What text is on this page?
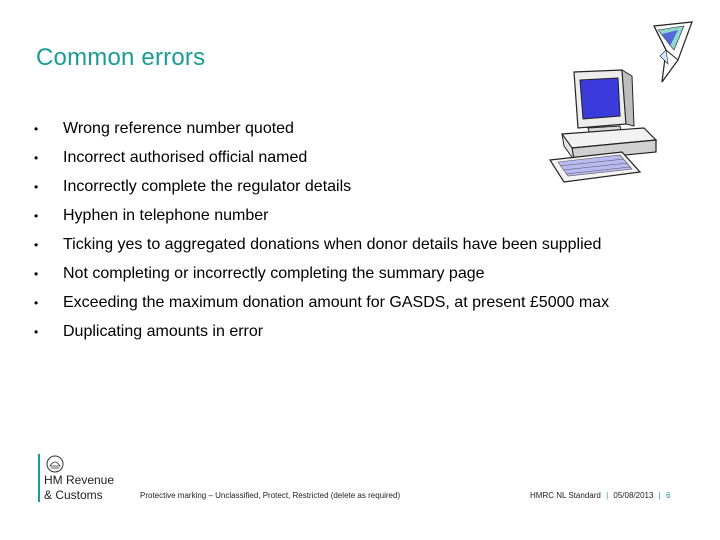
Common errors
•	Wrong reference number quoted
•	Incorrect authorised official named
•	Incorrectly complete the regulator details
•	Hyphen in telephone number
•	Ticking yes to aggregated donations when donor details have been supplied
•	Not completing or incorrectly completing the summary page
•	Exceeding the maximum donation amount for GASDS, at present £5000 max
•	Duplicating amounts in error
HM Revenue
& Customs	Protective marking – Unclassified, Protect, Restricted (delete as required)	HMRC NL Standard | 05/08/2013 | 6
